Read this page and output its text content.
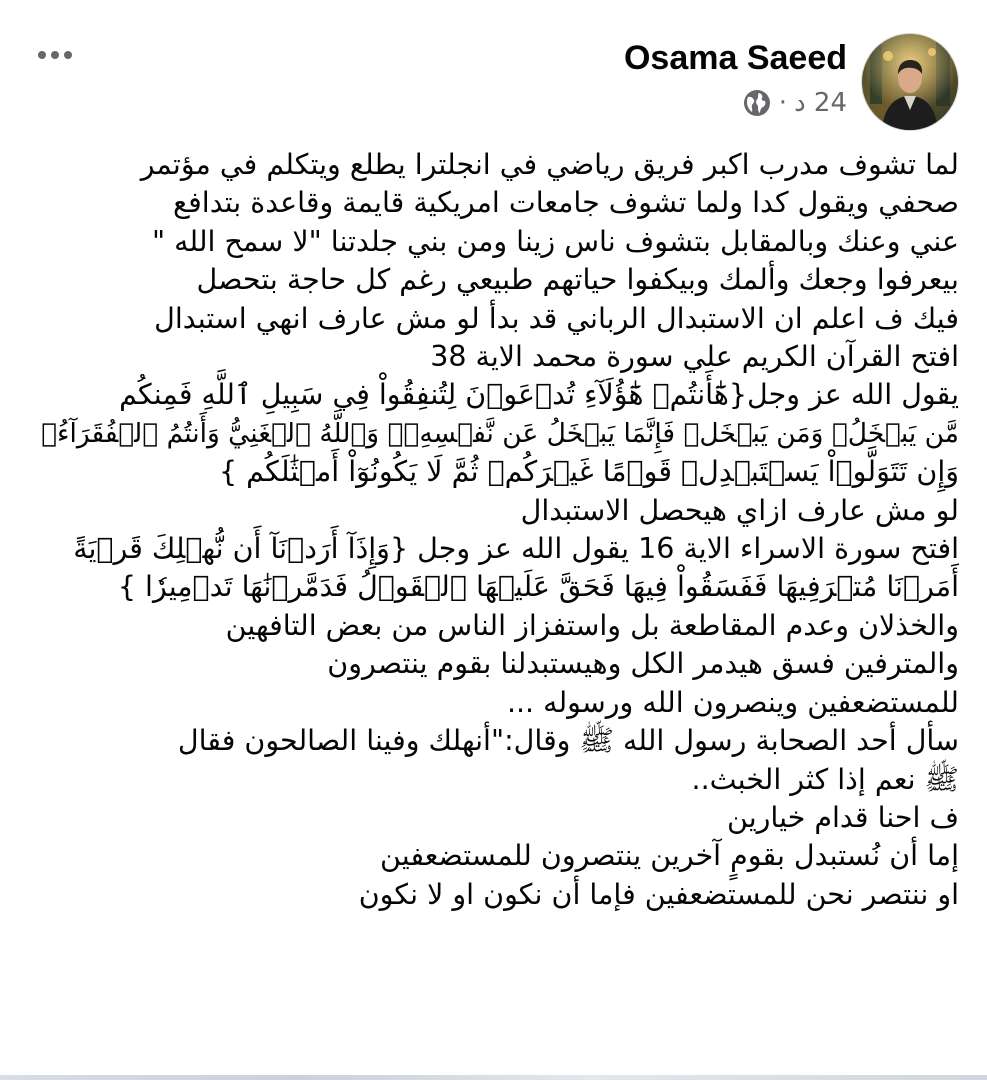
Osama Saeed
24 د
·
لما تشوف مدرب اكبر فريق رياضي في انجلترا يطلع ويتكلم في مؤتمر
صحفي ويقول كدا ولما تشوف جامعات امريكية قايمة وقاعدة بتدافع
عني وعنك وبالمقابل بتشوف ناس زينا ومن بني جلدتنا "لا سمح الله "
بيعرفوا وجعك وألمك وبيكفوا حياتهم طبيعي رغم كل حاجة بتحصل
فيك ف اعلم ان الاستبدال الرباني قد بدأ لو مش عارف انهي استبدال
افتح القرآن الكريم علي سورة محمد الاية 38
يقول الله عز وجل{هَٰٓأَنتُمۡ هَٰٓؤُلَآءِ تُدۡعَوۡنَ لِتُنفِقُواْ فِي سَبِيلِ ٱللَّهِ فَمِنكُم
مَّن يَبۡخَلُۖ وَمَن يَبۡخَلۡ فَإِنَّمَا يَبۡخَلُ عَن نَّفۡسِهِۦۚ وَٱللَّهُ ٱلۡغَنِيُّ وَأَنتُمُ ٱلۡفُقَرَآءُۚ
وَإِن تَتَوَلَّوۡاْ يَسۡتَبۡدِلۡ قَوۡمًا غَيۡرَكُمۡ ثُمَّ لَا يَكُونُوٓاْ أَمۡثَٰلَكُم }
لو مش عارف ازاي هيحصل الاستبدال
افتح سورة الاسراء الاية 16 يقول الله عز وجل {وَإِذَآ أَرَدۡنَآ أَن نُّهۡلِكَ قَرۡيَةً
أَمَرۡنَا مُتۡرَفِيهَا فَفَسَقُواْ فِيهَا فَحَقَّ عَلَيۡهَا ٱلۡقَوۡلُ فَدَمَّرۡنَٰهَا تَدۡمِيرٗا }
والخذلان وعدم المقاطعة بل واستفزاز الناس من بعض التافهين
والمترفين فسق هيدمر الكل وهيستبدلنا بقوم ينتصرون
للمستضعفين وينصرون الله ورسوله ...
سأل أحد الصحابة رسول الله ﷺ وقال:"أنهلك وفينا الصالحون فقال
ﷺ نعم إذا كثر الخبث..
ف احنا قدام خيارين
إما أن نُستبدل بقومٍ آخرين ينتصرون للمستضعفين
او ننتصر نحن للمستضعفين فإما أن نكون او لا نكون
